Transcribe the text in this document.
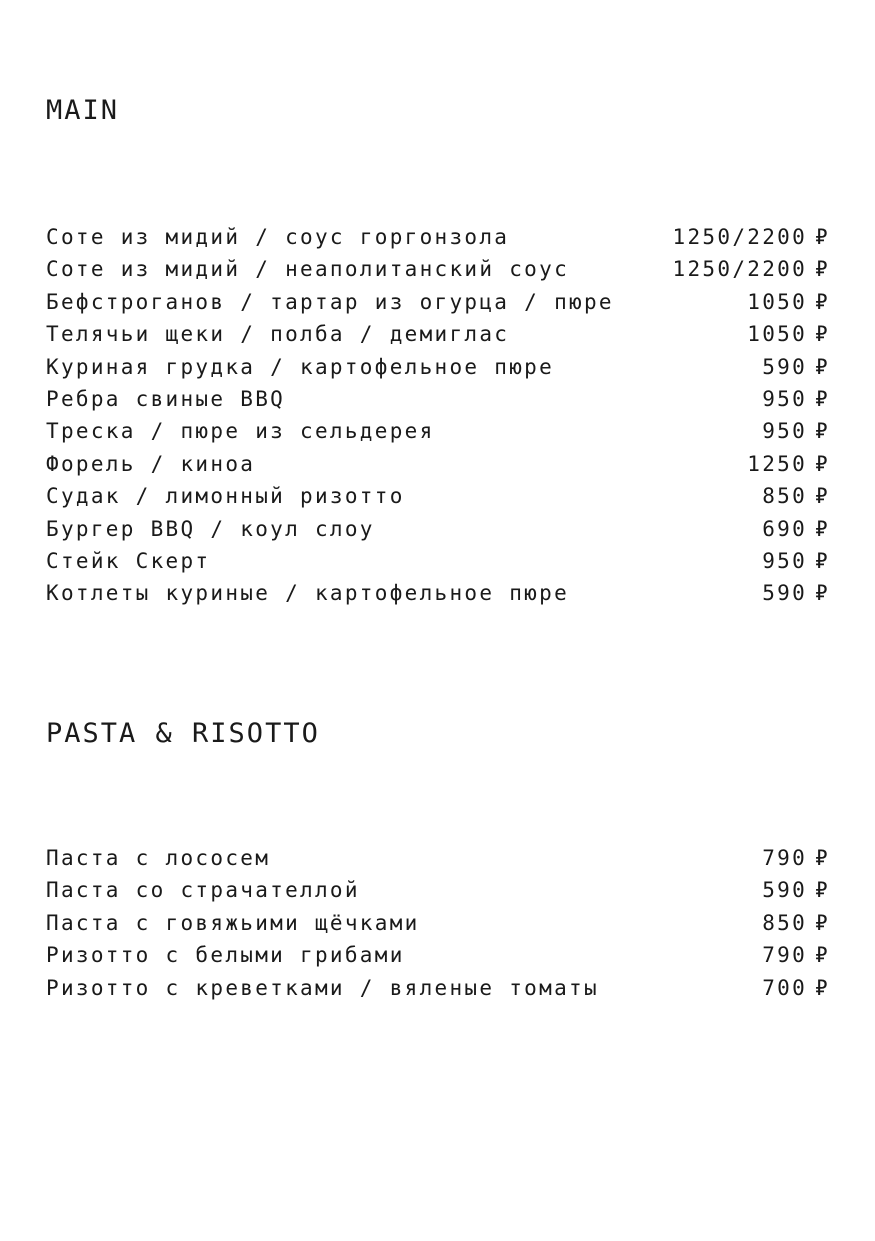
MAIN
Соте из мидий / соус горгонзола	1250/2200 ₽
Соте из мидий / неаполитанский соус	1250/2200 ₽
Бефстроганов / тартар из огурца / пюре	1050 ₽
Телячьи щеки / полба / демиглас	1050 ₽
Куриная грудка / картофельное пюре	590 ₽
Ребра свиные BBQ	950 ₽
Треска / пюре из сельдерея	950 ₽
Форель / киноа	1250 ₽
Судак / лимонный ризотто	850 ₽
Бургер BBQ / коул слоу	690 ₽
Стейк Скерт	950 ₽
Котлеты куриные / картофельное пюре	590 ₽
PASTA & RISOTTO
Паста с лососем	790 ₽
Паста со страчателлой	590 ₽
Паста с говяжьими щёчками	850 ₽
Ризотто с белыми грибами	790 ₽
Ризотто с креветками / вяленые томаты	700 ₽
